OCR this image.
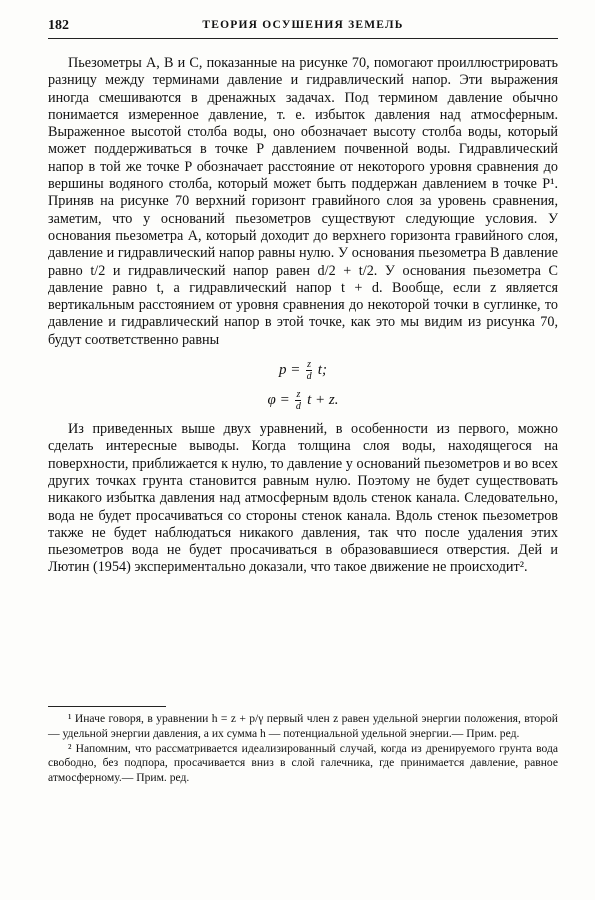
182	ТЕОРИЯ ОСУШЕНИЯ ЗЕМЕЛЬ

Пьезометры A, B и C, показанные на рисунке 70, помогают проиллюстрировать разницу между терминами давление и гидравлический напор. Эти выражения иногда смешиваются в дренажных задачах. Под термином давление обычно понимается измеренное давление, т. е. избыток давления над атмосферным. Выраженное высотой столба воды, оно обозначает высоту столба воды, который может поддерживаться в точке P давлением почвенной воды. Гидравлический напор в той же точке P обозначает расстояние от некоторого уровня сравнения до вершины водяного столба, который может быть поддержан давлением в точке P¹. Приняв на рисунке 70 верхний горизонт гравийного слоя за уровень сравнения, заметим, что у оснований пьезометров существуют следующие условия. У основания пьезометра A, который доходит до верхнего горизонта гравийного слоя, давление и гидравлический напор равны нулю. У основания пьезометра B давление равно t/2 и гидравлический напор равен d/2 + t/2. У основания пьезометра C давление равно t, а гидравлический напор t + d. Вообще, если z является вертикальным расстоянием от уровня сравнения до некоторой точки в суглинке, то давление и гидравлический напор в этой точке, как это мы видим из рисунка 70, будут соответственно равны

$p = \frac{z}{d} t$;
$\varphi = \frac{z}{d}$ t + z.

Из приведенных выше двух уравнений, в особенности из первого, можно сделать интересные выводы. Когда толщина слоя воды, находящегося на поверхности, приближается к нулю, то давление у оснований пьезометров и во всех других точках грунта становится равным нулю. Поэтому не будет существовать никакого избытка давления над атмосферным вдоль стенок канала. Следовательно, вода не будет просачиваться со стороны стенок канала. Вдоль стенок пьезометров также не будет наблюдаться никакого давления, так что после удаления этих пьезометров вода не будет просачиваться в образовавшиеся отверстия. Дей и Лютин (1954) экспериментально доказали, что такое движение не происходит².

¹ Иначе говоря, в уравнении h = z + p/γ первый член z равен удельной энергии положения, второй — удельной энергии давления, а их сумма h — потенциальной удельной энергии.— Прим. ред.

² Напомним, что рассматривается идеализированный случай, когда из дренируемого грунта вода свободно, без подпора, просачивается вниз в слой галечника, где принимается давление, равное атмосферному.— Прим. ред.
